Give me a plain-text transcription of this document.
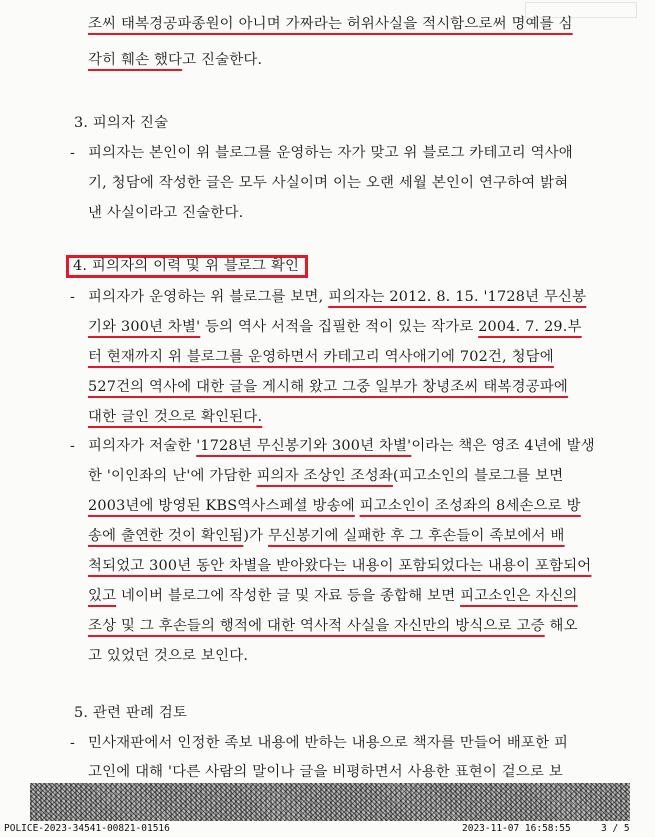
조씨 태복경공파종원이 아니며 가짜라는 허위사실을 적시함으로써 명예를 심
각히 훼손 했다고 진술한다.
3. 피의자 진술
- 피의자는 본인이 위 블로그를 운영하는 자가 맞고 위 블로그 카테고리 역사애
기, 청담에 작성한 글은 모두 사실이며 이는 오랜 세월 본인이 연구하여 밝혀
낸 사실이라고 진술한다.
4. 피의자의 이력 및 위 블로그 확인
- 피의자가 운영하는 위 블로그를 보면, 피의자는 2012. 8. 15. '1728년 무신봉
기와 300년 차별' 등의 역사 서적을 집필한 적이 있는 작가로 2004. 7. 29.부
터 현재까지 위 블로그를 운영하면서 카테고리 역사애기에 702건, 청담에
527건의 역사에 대한 글을 게시해 왔고 그중 일부가 창녕조씨 태복경공파에
대한 글인 것으로 확인된다.
- 피의자가 저술한 '1728년 무신봉기와 300년 차별'이라는 책은 영조 4년에 발생
한 '이인좌의 난'에 가담한 피의자 조상인 조성좌(피고소인의 블로그를 보면
2003년에 방영된 KBS역사스페셜 방송에 피고소인이 조성좌의 8세손으로 방
송에 출연한 것이 확인됨)가 무신봉기에 실패한 후 그 후손들이 족보에서 배
척되었고 300년 동안 차별을 받아왔다는 내용이 포함되었다는 내용이 포함되어
있고 네이버 블로그에 작성한 글 및 자료 등을 종합해 보면 피고소인은 자신의
조상 및 그 후손들의 행적에 대한 역사적 사실을 자신만의 방식으로 고증 해오
고 있었던 것으로 보인다.
5. 관련 판례 검토
- 민사재판에서 인정한 족보 내용에 반하는 내용으로 책자를 만들어 배포한 피
고인에 대해 '다른 사람의 말이나 글을 비평하면서 사용한 표현이 겉으로 보
POLICE-2023-34541-00821-01516	2023-11-07 16:58:55	3 / 5
